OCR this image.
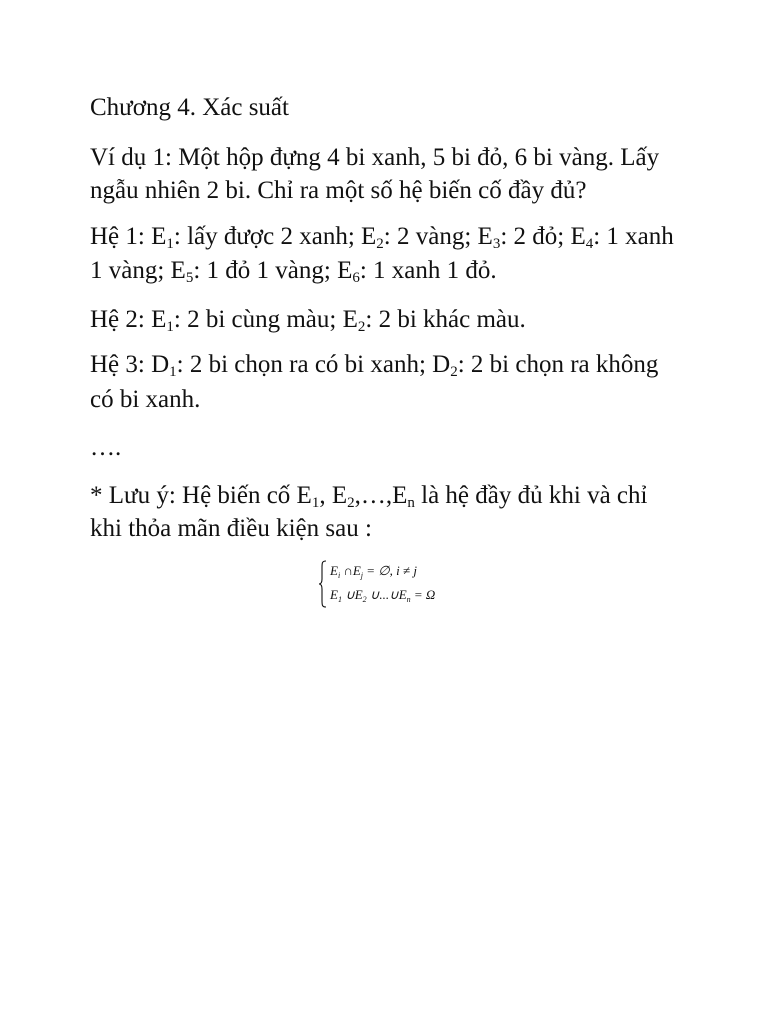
Chương 4. Xác suất
Ví dụ 1: Một hộp đựng 4 bi xanh, 5 bi đỏ, 6 bi vàng. Lấy
ngẫu nhiên 2 bi. Chỉ ra một số hệ biến cố đầy đủ?
Hệ 1: $E_1$: lấy được 2 xanh; $E_2$: 2 vàng; $E_3$: 2 đỏ; $E_4$: 1 xanh
1 vàng; $E_5$: 1 đỏ 1 vàng; $E_6$: 1 xanh 1 đỏ.
Hệ 2: $E_1$: 2 bi cùng màu; $E_2$: 2 bi khác màu.
Hệ 3: $D_1$: 2 bi chọn ra có bi xanh; $D_2$: 2 bi chọn ra không
có bi xanh.
….
* Lưu ý: Hệ biến cố $E_1$, $E_2,\dots,E_n$ là hệ đầy đủ khi và chỉ
khi thỏa mãn điều kiện sau :
$E_i$ $\cap E_j$ = ∅, i ≠ j
$E_1$ $\cup E_2$ $\cup...\cup E_n = \Omega$
